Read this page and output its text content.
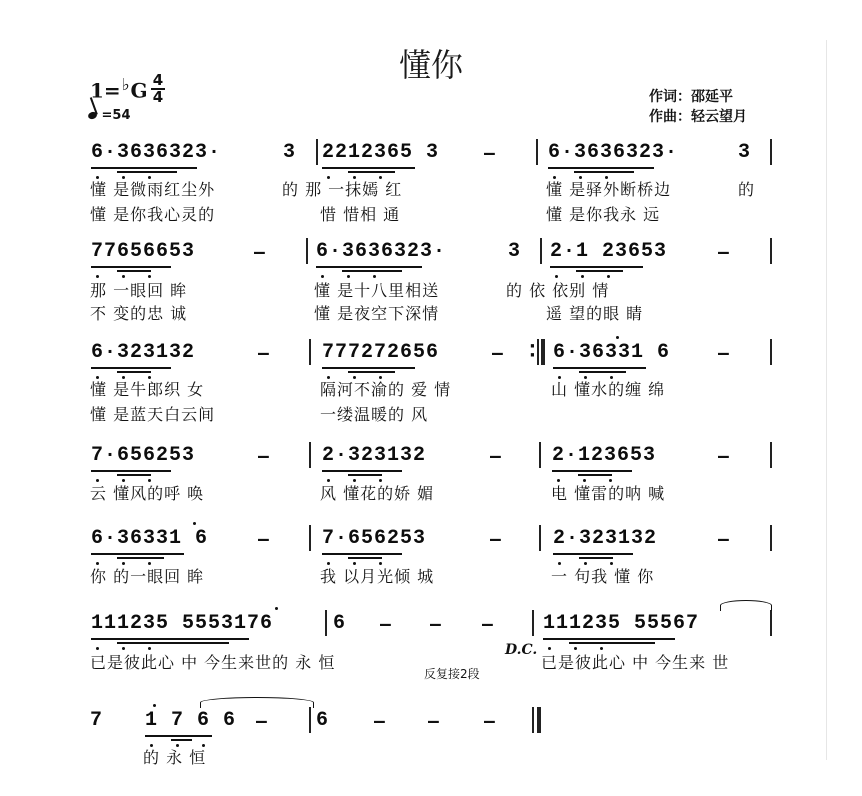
懂你
1=♭G 4
4
=54
作词：邵延平
作曲：轻云望月
6·3636323·	3 2212365 3	6·3636323·	3
–
懂 是微雨红尘外	的 那 一抹嫣 红	懂 是驿外断桥边	的
懂 是你我心灵的	惜 惜相 通	懂 是你我永 远
77656653	6·3636323·	3 2·1 23653
–	–
那 一眼回 眸	懂 是十八里相送	的 依 依别 情
不 变的忠 诚	懂 是夜空下深情	遥 望的眼 睛
6·323132	777272656	6·36331 6
–	–	–
懂 是牛郎织 女	隔河不渝的 爱 情	山 懂水的缠 绵
懂 是蓝天白云间	一缕温暖的 风
7·656253	2·323132	2·123653
–	–	–
云 懂风的呼 唤	风 懂花的娇 媚	电 懂雷的呐 喊
6·36331 6	7·656253	2·323132
–	–	–
你 的一眼回 眸	我 以月光倾 城	一 句我 懂 你
111235 5553176	6	111235 55567
– – –
已是彼此心 中 今生来世的 永 恒	已是彼此心 中 今生来 世
D.C.
反复接2段
7 1 7 6 6	6
–	– –	–
的 永 恒
·
·
